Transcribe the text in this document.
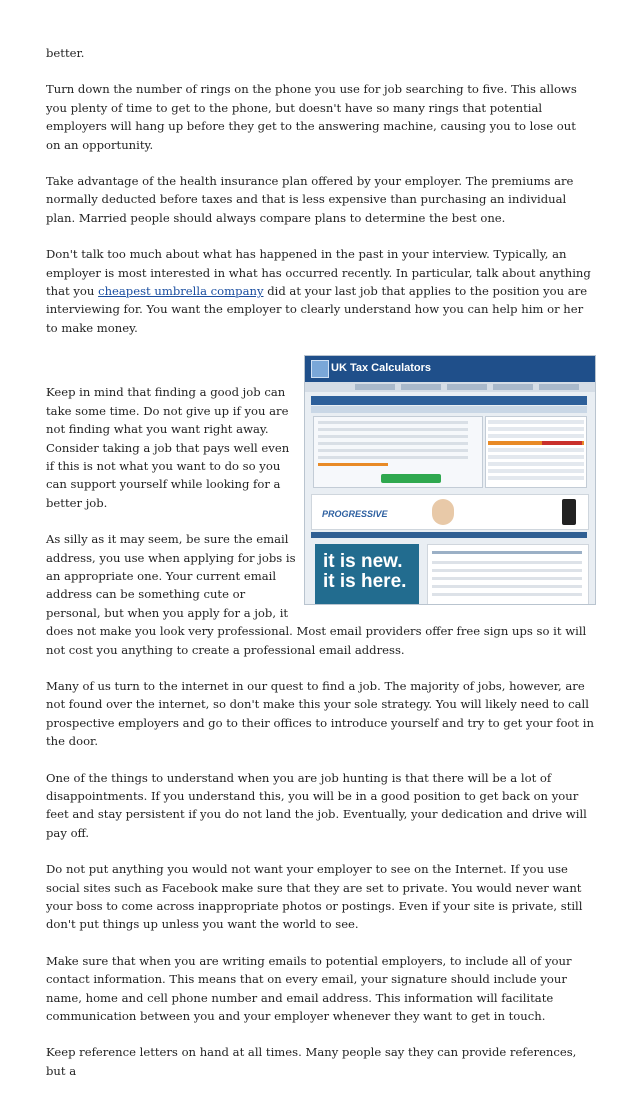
better.

Turn down the number of rings on the phone you use for job searching to five. This allows you plenty of time to get to the phone, but doesn't have so many rings that potential employers will hang up before they get to the answering machine, causing you to lose out on an opportunity.

Take advantage of the health insurance plan offered by your employer. The premiums are normally deducted before taxes and that is less expensive than purchasing an individual plan. Married people should always compare plans to determine the best one.

Don't talk too much about what has happened in the past in your interview. Typically, an employer is most interested in what has occurred recently. In particular, talk about anything that you cheapest umbrella company did at your last job that applies to the position you are interviewing for. You want the employer to clearly understand how you can help him or her to make money.

UK Tax Calculators
PROGRESSIVE
it is new. it is here.

Keep in mind that finding a good job can take some time. Do not give up if you are not finding what you want right away. Consider taking a job that pays well even if this is not what you want to do so you can support yourself while looking for a better job.

As silly as it may seem, be sure the email address, you use when applying for jobs is an appropriate one. Your current email address can be something cute or personal, but when you apply for a job, it does not make you look very professional. Most email providers offer free sign ups so it will not cost you anything to create a professional email address.

Many of us turn to the internet in our quest to find a job. The majority of jobs, however, are not found over the internet, so don't make this your sole strategy. You will likely need to call prospective employers and go to their offices to introduce yourself and try to get your foot in the door.

One of the things to understand when you are job hunting is that there will be a lot of disappointments. If you understand this, you will be in a good position to get back on your feet and stay persistent if you do not land the job. Eventually, your dedication and drive will pay off.

Do not put anything you would not want your employer to see on the Internet. If you use social sites such as Facebook make sure that they are set to private. You would never want your boss to come across inappropriate photos or postings. Even if your site is private, still don't put things up unless you want the world to see.

Make sure that when you are writing emails to potential employers, to include all of your contact information. This means that on every email, your signature should include your name, home and cell phone number and email address. This information will facilitate communication between you and your employer whenever they want to get in touch.

Keep reference letters on hand at all times. Many people say they can provide references, but a
